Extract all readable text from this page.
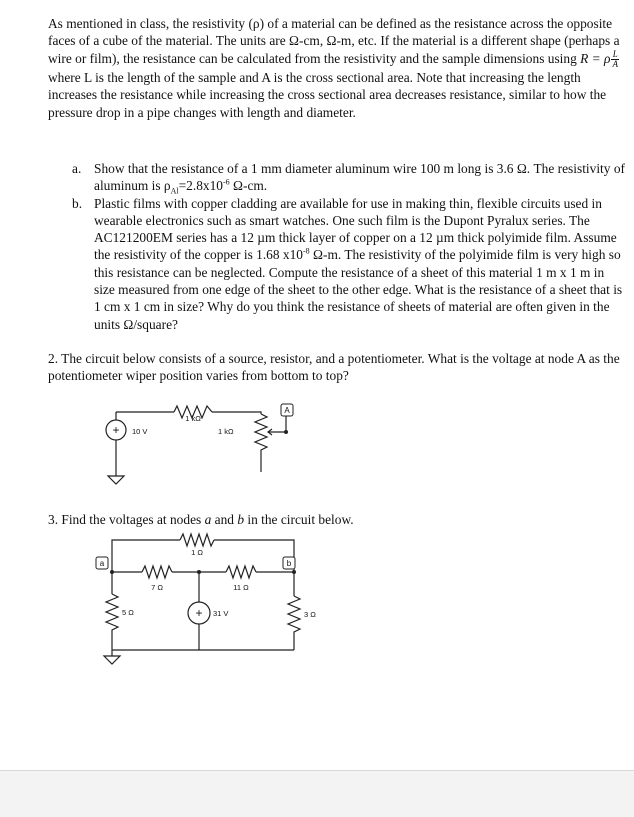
As mentioned in class, the resistivity (ρ) of a material can be defined as the resistance across the opposite faces of a cube of the material. The units are Ω-cm, Ω-m, etc. If the material is a different shape (perhaps a wire or film), the resistance can be calculated from the resistivity and the sample dimensions using R = ρ $\frac{L}{A}$
where L is the length of the sample and A is the cross sectional area. Note that increasing the length increases the resistance while increasing the cross sectional area decreases resistance, similar to how the pressure drop in a pipe changes with length and diameter.

a. Show that the resistance of a 1 mm diameter aluminum wire 100 m long is 3.6 Ω. The resistivity of aluminum is $\rho_{Al}=2.8x10^{-6}$ Ω-cm.
b. Plastic films with copper cladding are available for use in making thin, flexible circuits used in wearable electronics such as smart watches. One such film is the Dupont Pyralux series. The AC121200EM series has a 12 µm thick layer of copper on a 12 µm thick polyimide film. Assume the resistivity of the copper is 1.68 $x10^{-8}$ Ω-m. The resistivity of the polyimide film is very high so this resistance can be neglected. Compute the resistance of a sheet of this material 1 m x 1 m in size measured from one edge of the sheet to the other edge. What is the resistance of a sheet that is 1 cm x 1 cm in size? Why do you think the resistance of sheets of material are often given in the units Ω/square?

2. The circuit below consists of a source, resistor, and a potentiometer. What is the voltage at node A as the potentiometer wiper position varies from bottom to top?

+
A
1 kΩ
10 V	1 kΩ

3. Find the voltages at nodes a and b in the circuit below.

+
a	b
1 Ω
7 Ω	11 Ω
5 Ω	31 V	3 Ω
